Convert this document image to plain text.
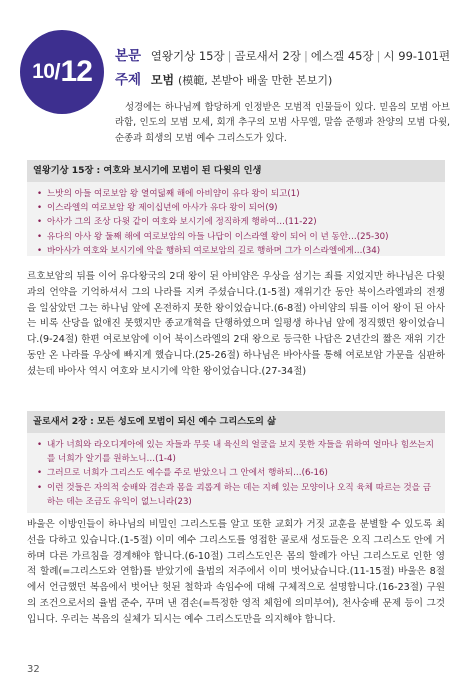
10 / 12 본문 열왕기상 15장 | 골로새서 2장 | 에스겔 45장 | 시 99-101편
주제 모범 (模範, 본받아 배울 만한 본보기)

성경에는 하나님께 합당하게 인정받은 모범적 인물들이 있다. 믿음의 모범 아브라함, 인도의 모범 모세, 회개 추구의 모범 사무엘, 말씀 준행과 찬양의 모범 다윗, 순종과 희생의 모범 예수 그리스도가 있다.

열왕기상 15장 : 여호와 보시기에 모범이 된 다윗의 인생
• 느밧의 아들 여로보암 왕 열여덟째 해에 아비얌이 유다 왕이 되고(1)
• 이스라엘의 여로보암 왕 제이십년에 아사가 유다 왕이 되어(9)
• 아사가 그의 조상 다윗 같이 여호와 보시기에 정직하게 행하여…(11-22)
• 유다의 아사 왕 둘째 해에 여로보암의 아들 나답이 이스라엘 왕이 되어 이 년 동안…(25-30)
• 바아사가 여호와 보시기에 악을 행하되 여로보암의 길로 행하며 그가 이스라엘에게…(34)

르호보암의 뒤를 이어 유다왕국의 2대 왕이 된 아비얌은 우상을 섬기는 죄를 지었지만 하나님은 다윗과의 언약을 기억하셔서 그의 나라를 지켜 주셨습니다.(1-5절) 재위기간 동안 북이스라엘과의 전쟁을 일삼았던 그는 하나님 앞에 온전하지 못한 왕이었습니다.(6-8절) 아비얌의 뒤를 이어 왕이 된 아사는 비록 산당을 없애진 못했지만 종교개혁을 단행하였으며 일평생 하나님 앞에 정직했던 왕이었습니다.(9-24절) 한편 여로보암에 이어 북이스라엘의 2대 왕으로 등극한 나답은 2년간의 짧은 재위 기간동안 온 나라를 우상에 빠지게 했습니다.(25-26절) 하나님은 바아사를 통해 여로보암 가문을 심판하셨는데 바아사 역시 여호와 보시기에 악한 왕이었습니다.(27-34절)

골로새서 2장 : 모든 성도에 모범이 되신 예수 그리스도의 삶
• 내가 너희와 라오디게아에 있는 자들과 무릇 내 육신의 얼굴을 보지 못한 자들을 위하여 얼마나 힘쓰는지를 너희가 알기를 원하노니…(1-4)
• 그러므로 너희가 그리스도 예수를 주로 받았으니 그 안에서 행하되…(6-16)
• 이런 것들은 자의적 숭배와 겸손과 몸을 괴롭게 하는 데는 지혜 있는 모양이나 오직 육체 따르는 것을 금하는 데는 조금도 유익이 없느니라(23)

바울은 이방인들이 하나님의 비밀인 그리스도를 알고 또한 교회가 거짓 교훈을 분별할 수 있도록 최선을 다하고 있습니다.(1-5절) 이미 예수 그리스도를 영접한 골로새 성도들은 오직 그리스도 안에 거하며 다른 가르침을 경계해야 합니다.(6-10절) 그리스도인은 몸의 할례가 아닌 그리스도로 인한 영적 할례(=그리스도와 연합)를 받았기에 율법의 저주에서 이미 벗어났습니다.(11-15절) 바울은 8절에서 언급했던 복음에서 벗어난 헛된 철학과 속임수에 대해 구체적으로 설명합니다.(16-23절) 구원의 조건으로서의 율법 준수, 꾸며 낸 겸손(=특정한 영적 체험에 의미부여), 천사숭배 문제 등이 그것입니다. 우리는 복음의 실체가 되시는 예수 그리스도만을 의지해야 합니다.

32
